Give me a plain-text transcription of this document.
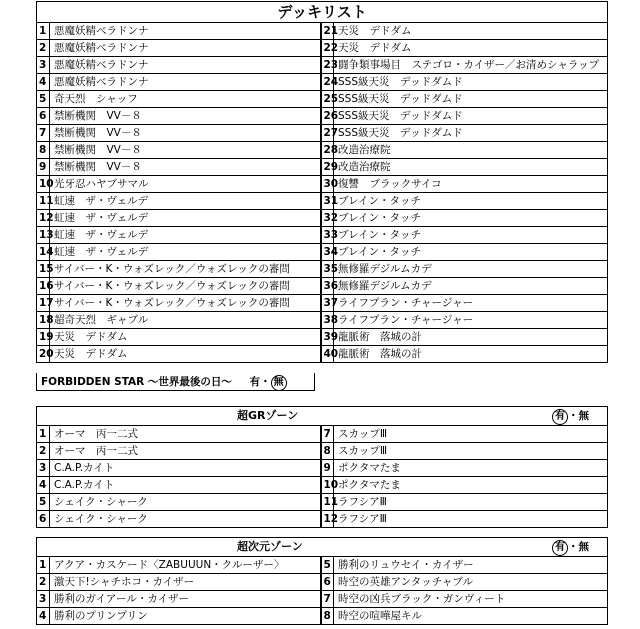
デッキリスト			
1	悪魔妖精ベラドンナ	21	天災　デドダム
2	悪魔妖精ベラドンナ	22	天災　デドダム
3	悪魔妖精ベラドンナ	23	闘争類事場目　ステゴロ・カイザー／お清めシャラップ
4	悪魔妖精ベラドンナ	24	SSS級天災　デッドダムド
5	奇天烈　シャッフ	25	SSS級天災　デッドダムド
6	禁断機関　VV－８	26	SSS級天災　デッドダムド
7	禁断機関　VV－８	27	SSS級天災　デッドダムド
8	禁断機関　VV－８	28	改造治療院
9	禁断機関　VV－８	29	改造治療院
10	光牙忍ハヤブサマル	30	復讐　ブラックサイコ
11	虹速　ザ・ヴェルデ	31	ブレイン・タッチ
12	虹速　ザ・ヴェルデ	32	ブレイン・タッチ
13	虹速　ザ・ヴェルデ	33	ブレイン・タッチ
14	虹速　ザ・ヴェルデ	34	ブレイン・タッチ
15	サイバー・K・ウォズレック／ウォズレックの審問	35	無修羅デジルムカデ
16	サイバー・K・ウォズレック／ウォズレックの審問	36	無修羅デジルムカデ
17	サイバー・K・ウォズレック／ウォズレックの審問	37	ライフプラン・チャージャー
18	超奇天烈　ギャブル	38	ライフプラン・チャージャー
19	天災　デドダム	39	龍脈術　落城の計
20	天災　デドダム	40	龍脈術　落城の計
FORBIDDEN STAR ～世界最後の日～ 有・ 無
超GRゾーン			有 ・無
1	オーマ　丙一二式	7	スカップⅢ
2	オーマ　丙一二式	8	スカップⅢ
3	C.A.P.カイト	9	ポクタマたま
4	C.A.P.カイト	10	ポクタマたま
5	シェイク・シャーク	11	ラフシアⅢ
6	シェイク・シャーク	12	ラフシアⅢ
超次元ゾーン			有 ・無
1	アクア・カスケード〈ZABUUUN・クルーザー〉	5	勝利のリュウセイ・カイザー
2	激天下!シャチホコ・カイザー	6	時空の英雄アンタッチャブル
3	勝利のガイアール・カイザー	7	時空の凶兵ブラック・ガンヴィート
4	勝利のプリンプリン	8	時空の喧嘩屋キル
